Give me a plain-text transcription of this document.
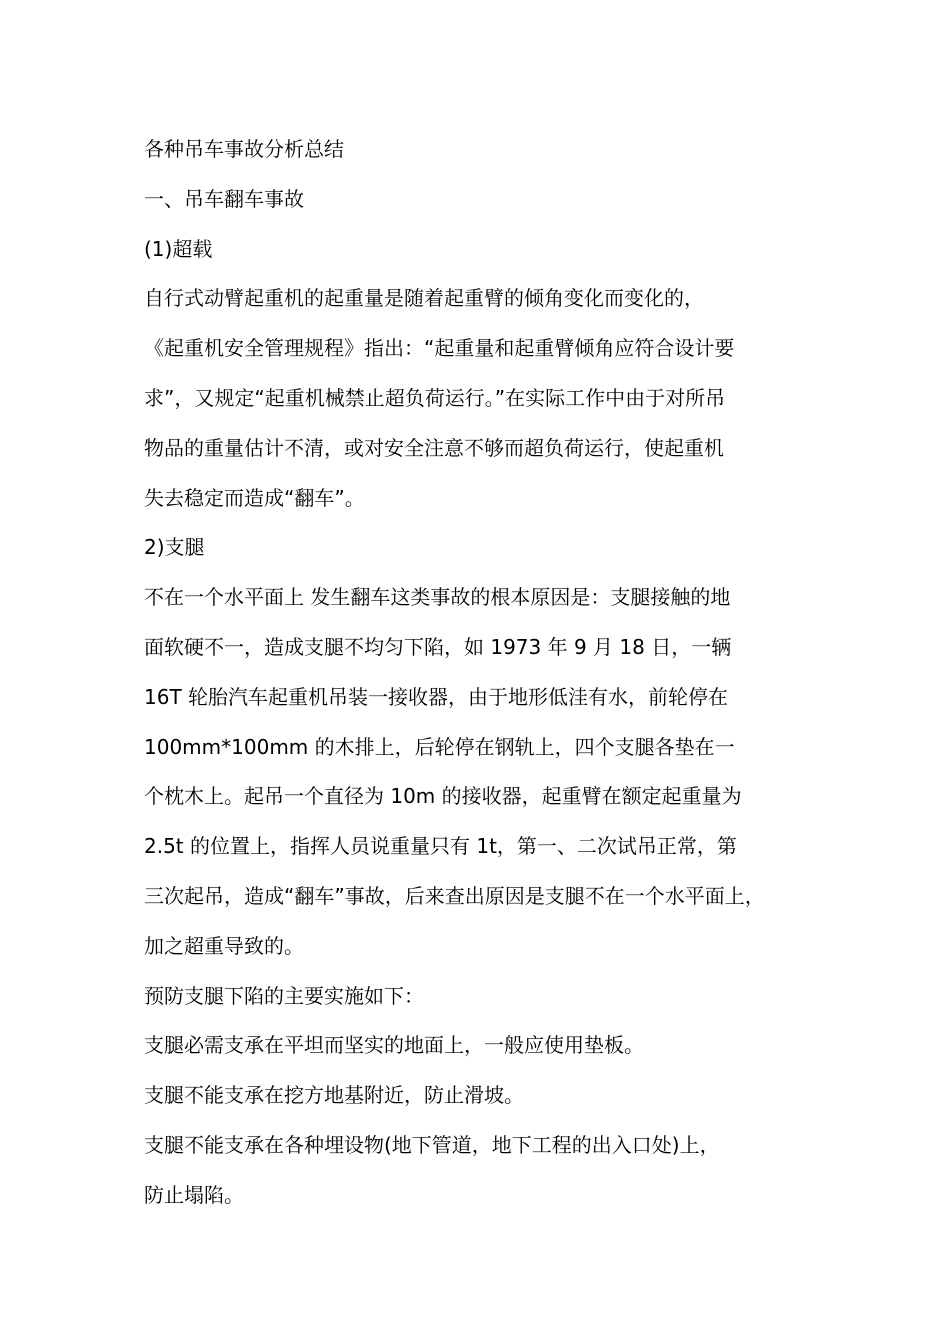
各种吊车事故分析总结

一、吊车翻车事故

(1)超载

自行式动臂起重机的起重量是随着起重臂的倾角变化而变化的，

《起重机安全管理规程》指出：“起重量和起重臂倾角应符合设计要

求”，又规定“起重机械禁止超负荷运行。”在实际工作中由于对所吊

物品的重量估计不清，或对安全注意不够而超负荷运行，使起重机

失去稳定而造成“翻车”。

2)支腿

不在一个水平面上 发生翻车这类事故的根本原因是：支腿接触的地

面软硬不一，造成支腿不均匀下陷，如 1973 年 9 月 18 日，一辆

16T 轮胎汽车起重机吊装一接收器，由于地形低洼有水，前轮停在

100mm*100mm 的木排上，后轮停在钢轨上，四个支腿各垫在一

个枕木上。起吊一个直径为 10m 的接收器，起重臂在额定起重量为

2.5t 的位置上，指挥人员说重量只有 1t，第一、二次试吊正常，第

三次起吊，造成“翻车”事故，后来查出原因是支腿不在一个水平面上，

加之超重导致的。

预防支腿下陷的主要实施如下：

支腿必需支承在平坦而坚实的地面上，一般应使用垫板。

支腿不能支承在挖方地基附近，防止滑坡。

支腿不能支承在各种埋设物(地下管道，地下工程的出入口处)上，

防止塌陷。
